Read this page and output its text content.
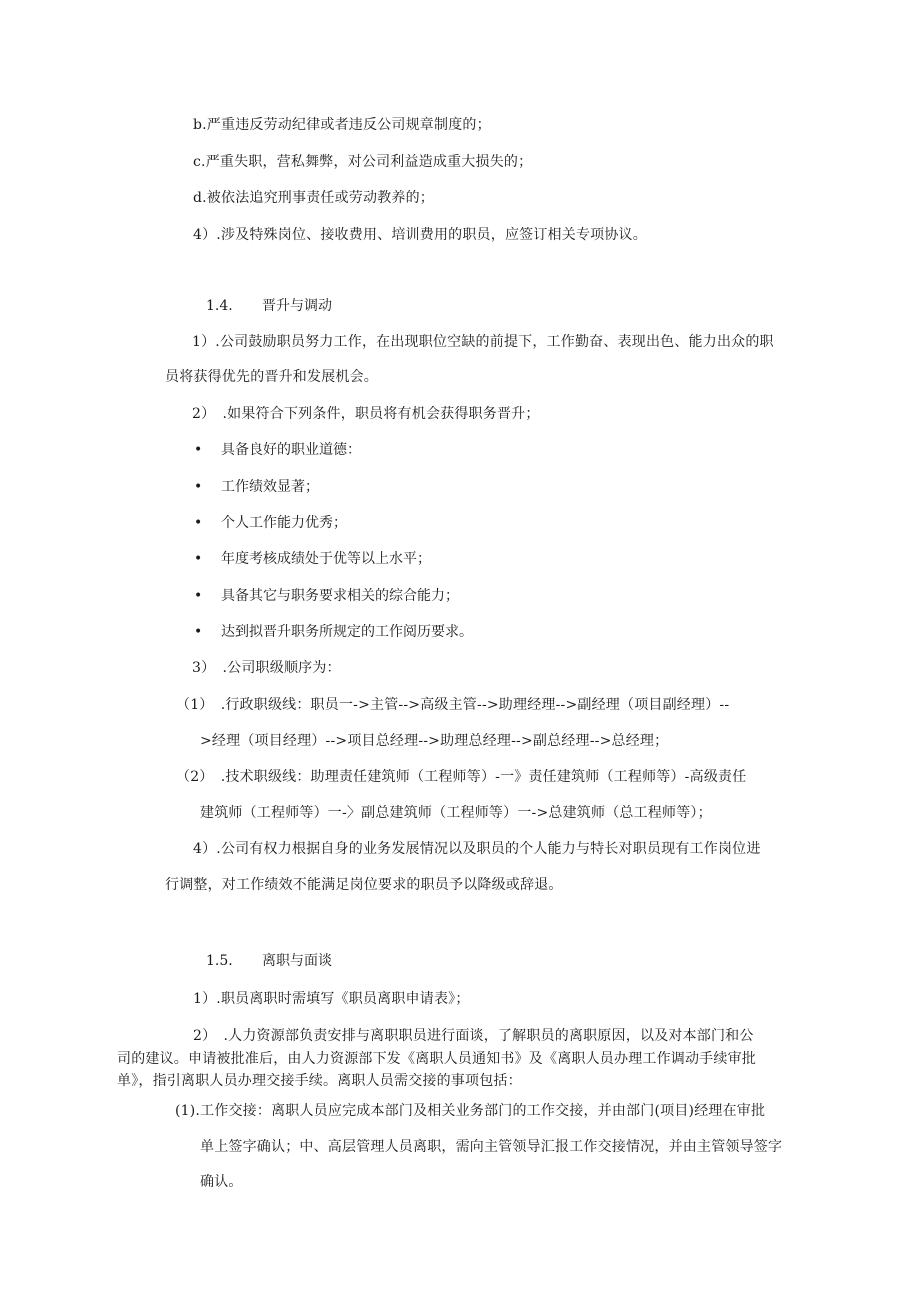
b.严重违反劳动纪律或者违反公司规章制度的；
c.严重失职，营私舞弊，对公司利益造成重大损失的；
d.被依法追究刑事责任或劳动教养的；
4）.涉及特殊岗位、接收费用、培训费用的职员，应签订相关专项协议。
1.4. 晋升与调动
1）.公司鼓励职员努力工作，在出现职位空缺的前提下，工作勤奋、表现出色、能力出众的职
员将获得优先的晋升和发展机会。
2）　.如果符合下列条件，职员将有机会获得职务晋升；
• 具备良好的职业道德：
• 工作绩效显著；
• 个人工作能力优秀；
• 年度考核成绩处于优等以上水平；
• 具备其它与职务要求相关的综合能力；
• 达到拟晋升职务所规定的工作阅历要求。
3）　.公司职级顺序为：
（1）　.行政职级线：职员一->主管-->高级主管-->助理经理-->副经理（项目副经理）--
>经理（项目经理）-->项目总经理-->助理总经理-->副总经理-->总经理；
（2）　.技术职级线：助理责任建筑师（工程师等）-一》责任建筑师（工程师等）-高级责任
建筑师（工程师等）一-〉副总建筑师（工程师等）一->总建筑师（总工程师等）；
4）.公司有权力根据自身的业务发展情况以及职员的个人能力与特长对职员现有工作岗位进
行调整，对工作绩效不能满足岗位要求的职员予以降级或辞退。
1.5. 离职与面谈
1）.职员离职时需填写《职员离职申请表》；
2）　.人力资源部负责安排与离职职员进行面谈，了解职员的离职原因，以及对本部门和公
司的建议。申请被批准后，由人力资源部下发《离职人员通知书》及《离职人员办理工作调动手续审批
单》，指引离职人员办理交接手续。离职人员需交接的事项包括：
(1).工作交接：离职人员应完成本部门及相关业务部门的工作交接，并由部门(项目)经理在审批
单上签字确认；中、高层管理人员离职，需向主管领导汇报工作交接情况，并由主管领导签字
确认。
